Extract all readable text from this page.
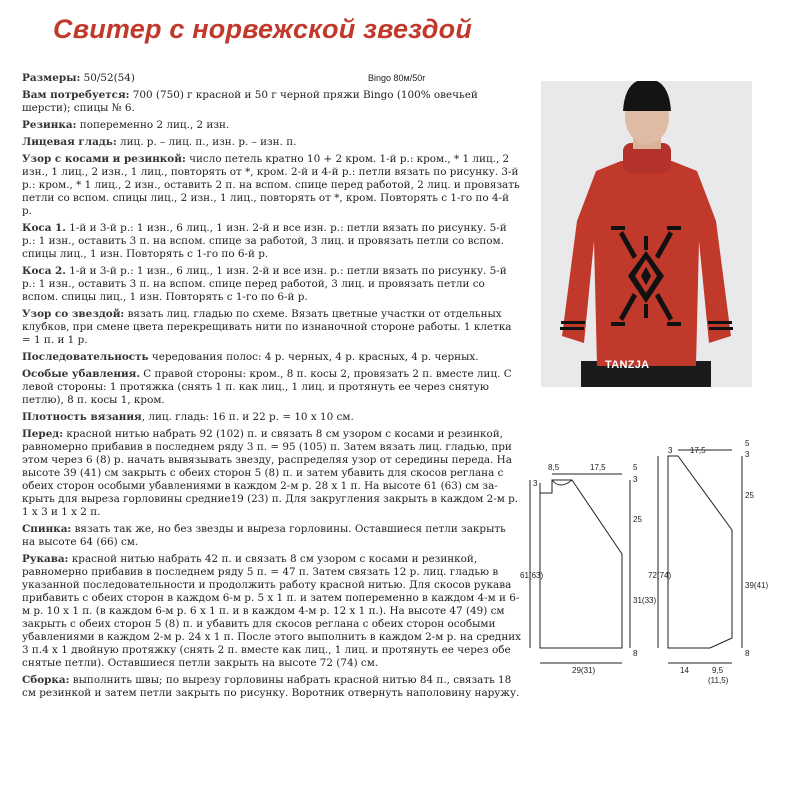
Свитер с норвежской звездой
Bingo 80м/50г

Размеры: 50/52(54)

Вам потребуется: 700 (750) г красной и 50 г черной пряжи Bingo (100% овечьей шерсти); спицы № 6.

Резинка: попеременно 2 лиц., 2 изн.

Лицевая гладь: лиц. р. – лиц. п., изн. р. – изн. п.

Узор с косами и резинкой: число петель кратно 10 + 2 кром. 1-й р.: кром., * 1 лиц., 2 изн., 1 лиц., 2 изн., 1 лиц., повторять от *, кром. 2-й и 4-й р.: петли вязать по рисунку. 3-й р.: кром., * 1 лиц., 2 изн., оставить 2 п. на вспом. спице перед работой, 2 лиц. и провязать петли со вспом. спицы лиц., 2 изн., 1 лиц., повторять от *, кром. Повторять с 1-го по 4-й р.

Коса 1. 1-й и 3-й р.: 1 изн., 6 лиц., 1 изн. 2-й и все изн. р.: петли вязать по рисунку. 5-й р.: 1 изн., оставить 3 п. на вспом. спице за работой, 3 лиц. и провязать петли со вспом. спицы лиц., 1 изн. Повторять с 1-го по 6-й р.

Коса 2. 1-й и 3-й р.: 1 изн., 6 лиц., 1 изн. 2-й и все изн. р.: петли вязать по рисунку. 5-й р.: 1 изн., оставить 3 п. на вспом. спице перед работой, 3 лиц. и провязать петли со вспом. спицы лиц., 1 изн. Повторять с 1-го по 6-й р.

Узор со звездой: вязать лиц. гладью по схеме. Вязать цветные участки от отдельных клубков, при смене цвета перекрещивать нити по изнаночной стороне работы. 1 клетка = 1 п. и 1 р.

Последовательность чередования полос: 4 р. черных, 4 р. красных, 4 р. черных.

Особые убавления. С правой стороны: кром., 8 п. косы 2, провязать 2 п. вместе лиц. С левой стороны: 1 протяжка (снять 1 п. как лиц., 1 лиц. и протянуть ее через снятую петлю), 8 п. косы 1, кром.

Плотность вязания, лиц. гладь: 16 п. и 22 р. = 10 х 10 см.

Перед: красной нитью набрать 92 (102) п. и связать 8 см узором с косами и резинкой, равномерно прибавив в последнем ряду 3 п. = 95 (105) п. Затем вязать лиц. гладью, при этом через 6 (8) р. начать вывязывать звезду, распределяя узор от середины переда. На высоте 39 (41) см закрыть с обеих сторон 5 (8) п. и затем убавить для скосов реглана с обеих сторон особыми убавлениями в каждом 2-м р. 28 х 1 п. На высоте 61 (63) см за- крыть для выреза горловины средние19 (23) п. Для закругления закрыть в каждом 2-м р. 1 х 3 и 1 х 2 п.

Спинка: вязать так же, но без звезды и выреза горловины. Оставшиеся петли закрыть на высоте 64 (66) см.

Рукава: красной нитью набрать 42 п. и связать 8 см узором с косами и резинкой, равномерно прибавив в последнем ряду 5 п. = 47 п. Затем связать 12 р. лиц. гладью в указанной последовательности и продолжить работу красной нитью. Для скосов рукава прибавить с обеих сторон в каждом 6-м р. 5 х 1 п. и затем попеременно в каждом 4-м и 6-м р. 10 х 1 п. (в каждом 6-м р. 6 х 1 п. и в каждом 4-м р. 12 х 1 п.). На высоте 47 (49) см закрыть с обеих сторон 5 (8) п. и убавить для скосов реглана с обеих сторон особыми убавлениями в каждом 2-м р. 24 х 1 п. После этого выполнить в каждом 2-м р. на средних 3 п.4 х 1 двойную протяжку (снять 2 п. вместе как лиц., 1 лиц. и протянуть ее через обе снятые петли). Оставшиеся петли закрыть на высоте 72 (74) см.

Сборка: выполнить швы; по вырезу горловины набрать красной нитью 84 п., связать 18 см резинкой и затем петли закрыть по рисунку. Воротник отвернуть наполовину наружу.

TANZJA
3
8,5	17,5	5
3
25
31(33)
8
61(63)
29(31)
3 17,5
5
3
25
39(41)
8
72(74)
14	9,5
(11,5)
